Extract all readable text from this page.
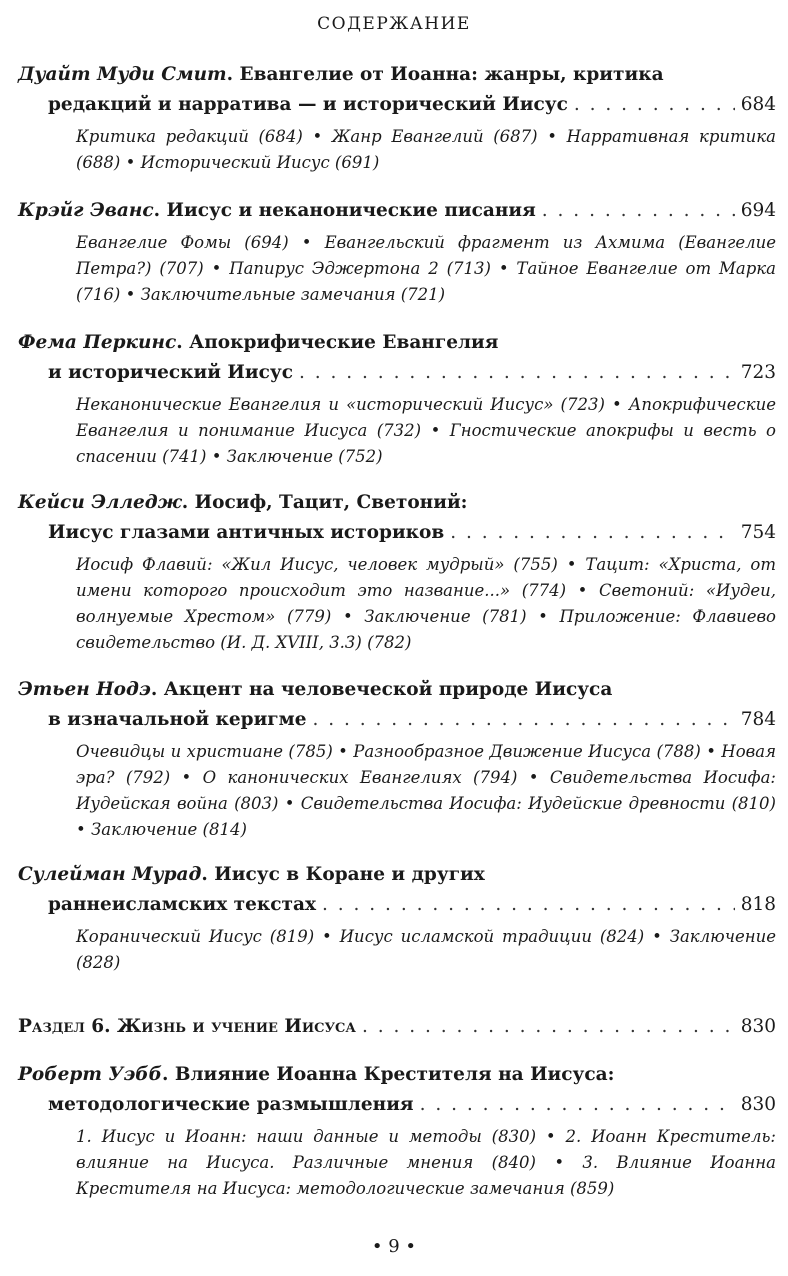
СОДЕРЖАНИЕ
Дуайт Муди Смит. Евангелие от Иоанна: жанры, критика
редакций и нарратива — и исторический Иисус . . .	684
Критика редакций (684) • Жанр Евангелий (687) • Нарративная критика (688) • Исторический Иисус (691)
Крэйг Эванс. Иисус и неканонические писания . . .	694
Евангелие Фомы (694) • Евангельский фрагмент из Ахмима (Евангелие Петра?) (707) • Папирус Эджертона 2 (713) • Тайное Евангелие от Марка (716) • Заключительные замечания (721)
Фема Перкинс. Апокрифические Евангелия
и исторический Иисус . . .	723
Неканонические Евангелия и «исторический Иисус» (723) • Апокрифические Евангелия и понимание Иисуса (732) • Гностические апокрифы и весть о спасении (741) • Заключение (752)
Кейси Элледж. Иосиф, Тацит, Светоний:
Иисус глазами античных историков . . .	754
Иосиф Флавий: «Жил Иисус, человек мудрый» (755) • Тацит: «Христа, от имени которого происходит это название...» (774) • Светоний: «Иудеи, волнуемые Хрестом» (779) • Заключение (781) • Приложение: Флавиево свидетельство (И. Д. XVIII, 3.3) (782)
Этьен Нодэ. Акцент на человеческой природе Иисуса
в изначальной керигме . . .	784
Очевидцы и христиане (785) • Разнообразное Движение Иисуса (788) • Новая эра? (792) • О канонических Евангелиях (794) • Свидетельства Иосифа: Иудейская война (803) • Свидетельства Иосифа: Иудейские древности (810) • Заключение (814)
Сулейман Мурад. Иисус в Коране и других
раннеисламских текстах . . .	818
Коранический Иисус (819) • Иисус исламской традиции (824) • Заключение (828)
Раздел 6. Жизнь и учение Иисуса . . .	830
Роберт Уэбб. Влияние Иоанна Крестителя на Иисуса:
методологические размышления . . .	830
1. Иисус и Иоанн: наши данные и методы (830) • 2. Иоанн Креститель: влияние на Иисуса. Различные мнения (840) • 3. Влияние Иоанна Крестителя на Иисуса: методологические замечания (859)
• 9 •
